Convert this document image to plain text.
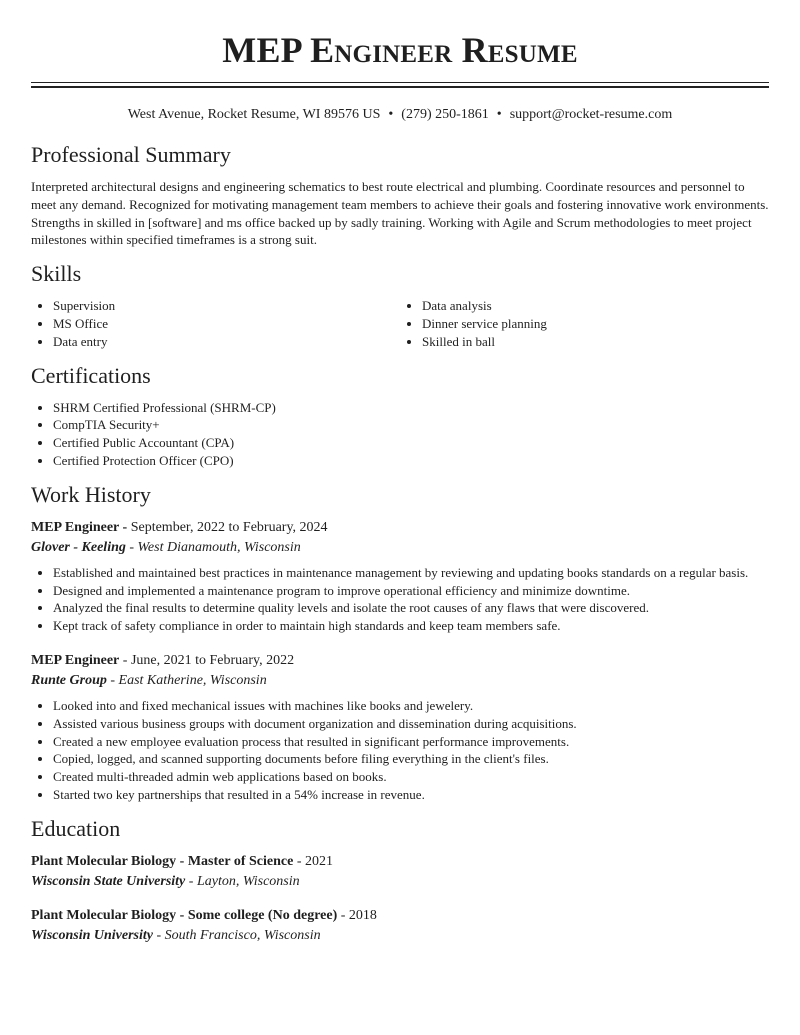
MEP Engineer Resume
West Avenue, Rocket Resume, WI 89576 US • (279) 250-1861 • support@rocket-resume.com
Professional Summary
Interpreted architectural designs and engineering schematics to best route electrical and plumbing. Coordinate resources and personnel to meet any demand. Recognized for motivating management team members to achieve their goals and fostering innovative work environments. Strengths in skilled in [software] and ms office backed up by sadly training. Working with Agile and Scrum methodologies to meet project milestones within specified timeframes is a strong suit.
Skills
• Supervision
• MS Office
• Data entry
• Data analysis
• Dinner service planning
• Skilled in ball
Certifications
• SHRM Certified Professional (SHRM-CP)
• CompTIA Security+
• Certified Public Accountant (CPA)
• Certified Protection Officer (CPO)
Work History
MEP Engineer - September, 2022 to February, 2024
Glover - Keeling - West Dianamouth, Wisconsin
• Established and maintained best practices in maintenance management by reviewing and updating books standards on a regular basis.
• Designed and implemented a maintenance program to improve operational efficiency and minimize downtime.
• Analyzed the final results to determine quality levels and isolate the root causes of any flaws that were discovered.
• Kept track of safety compliance in order to maintain high standards and keep team members safe.
MEP Engineer - June, 2021 to February, 2022
Runte Group - East Katherine, Wisconsin
• Looked into and fixed mechanical issues with machines like books and jewelery.
• Assisted various business groups with document organization and dissemination during acquisitions.
• Created a new employee evaluation process that resulted in significant performance improvements.
• Copied, logged, and scanned supporting documents before filing everything in the client's files.
• Created multi-threaded admin web applications based on books.
• Started two key partnerships that resulted in a 54% increase in revenue.
Education
Plant Molecular Biology - Master of Science - 2021
Wisconsin State University - Layton, Wisconsin
Plant Molecular Biology - Some college (No degree) - 2018
Wisconsin University - South Francisco, Wisconsin
